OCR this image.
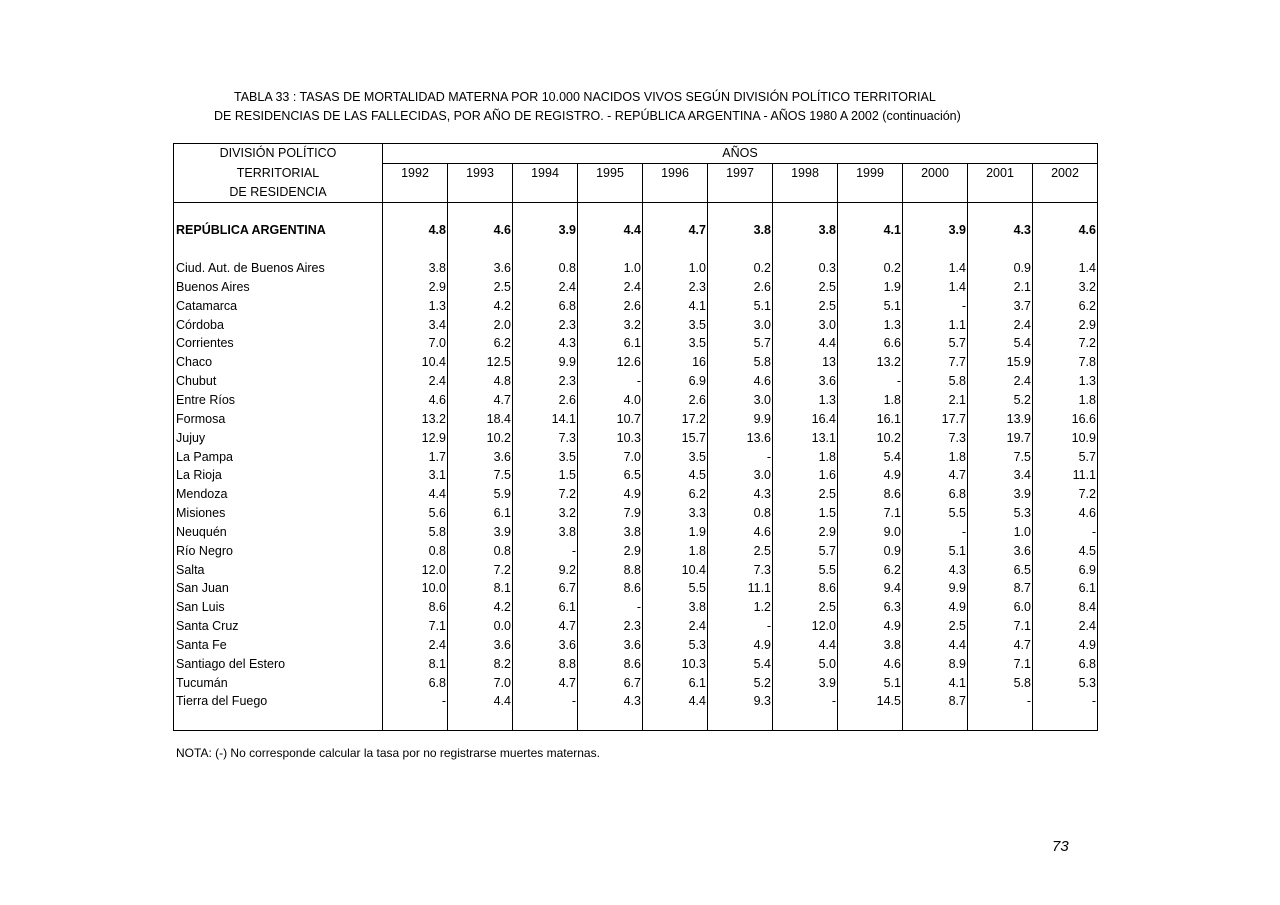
TABLA 33 : TASAS DE MORTALIDAD MATERNA POR 10.000 NACIDOS VIVOS SEGÚN DIVISIÓN POLÍTICO TERRITORIAL
DE RESIDENCIAS DE LAS FALLECIDAS, POR AÑO DE REGISTRO. - REPÚBLICA ARGENTINA - AÑOS 1980 A 2002 (continuación)
DIVISIÓN POLÍTICO	AÑOS										
TERRITORIAL	1992	1993	1994	1995	1996	1997	1998	1999	2000	2001	2002
DE RESIDENCIA											

REPÚBLICA ARGENTINA	4.8	4.6	3.9	4.4	4.7	3.8	3.8	4.1	3.9	4.3	4.6

Ciud. Aut. de Buenos Aires	3.8	3.6	0.8	1.0	1.0	0.2	0.3	0.2	1.4	0.9	1.4
Buenos Aires	2.9	2.5	2.4	2.4	2.3	2.6	2.5	1.9	1.4	2.1	3.2
Catamarca	1.3	4.2	6.8	2.6	4.1	5.1	2.5	5.1	-	3.7	6.2
Córdoba	3.4	2.0	2.3	3.2	3.5	3.0	3.0	1.3	1.1	2.4	2.9
Corrientes	7.0	6.2	4.3	6.1	3.5	5.7	4.4	6.6	5.7	5.4	7.2
Chaco	10.4	12.5	9.9	12.6	16	5.8	13	13.2	7.7	15.9	7.8
Chubut	2.4	4.8	2.3	-	6.9	4.6	3.6	-	5.8	2.4	1.3
Entre Ríos	4.6	4.7	2.6	4.0	2.6	3.0	1.3	1.8	2.1	5.2	1.8
Formosa	13.2	18.4	14.1	10.7	17.2	9.9	16.4	16.1	17.7	13.9	16.6
Jujuy	12.9	10.2	7.3	10.3	15.7	13.6	13.1	10.2	7.3	19.7	10.9
La Pampa	1.7	3.6	3.5	7.0	3.5	-	1.8	5.4	1.8	7.5	5.7
La Rioja	3.1	7.5	1.5	6.5	4.5	3.0	1.6	4.9	4.7	3.4	11.1
Mendoza	4.4	5.9	7.2	4.9	6.2	4.3	2.5	8.6	6.8	3.9	7.2
Misiones	5.6	6.1	3.2	7.9	3.3	0.8	1.5	7.1	5.5	5.3	4.6
Neuquén	5.8	3.9	3.8	3.8	1.9	4.6	2.9	9.0	-	1.0	-
Río Negro	0.8	0.8	-	2.9	1.8	2.5	5.7	0.9	5.1	3.6	4.5
Salta	12.0	7.2	9.2	8.8	10.4	7.3	5.5	6.2	4.3	6.5	6.9
San Juan	10.0	8.1	6.7	8.6	5.5	11.1	8.6	9.4	9.9	8.7	6.1
San Luis	8.6	4.2	6.1	-	3.8	1.2	2.5	6.3	4.9	6.0	8.4
Santa Cruz	7.1	0.0	4.7	2.3	2.4	-	12.0	4.9	2.5	7.1	2.4
Santa Fe	2.4	3.6	3.6	3.6	5.3	4.9	4.4	3.8	4.4	4.7	4.9
Santiago del Estero	8.1	8.2	8.8	8.6	10.3	5.4	5.0	4.6	8.9	7.1	6.8
Tucumán	6.8	7.0	4.7	6.7	6.1	5.2	3.9	5.1	4.1	5.8	5.3
Tierra del Fuego	-	4.4	-	4.3	4.4	9.3	-	14.5	8.7	-	-

NOTA: (-) No corresponde calcular la tasa por no registrarse muertes maternas.
73
